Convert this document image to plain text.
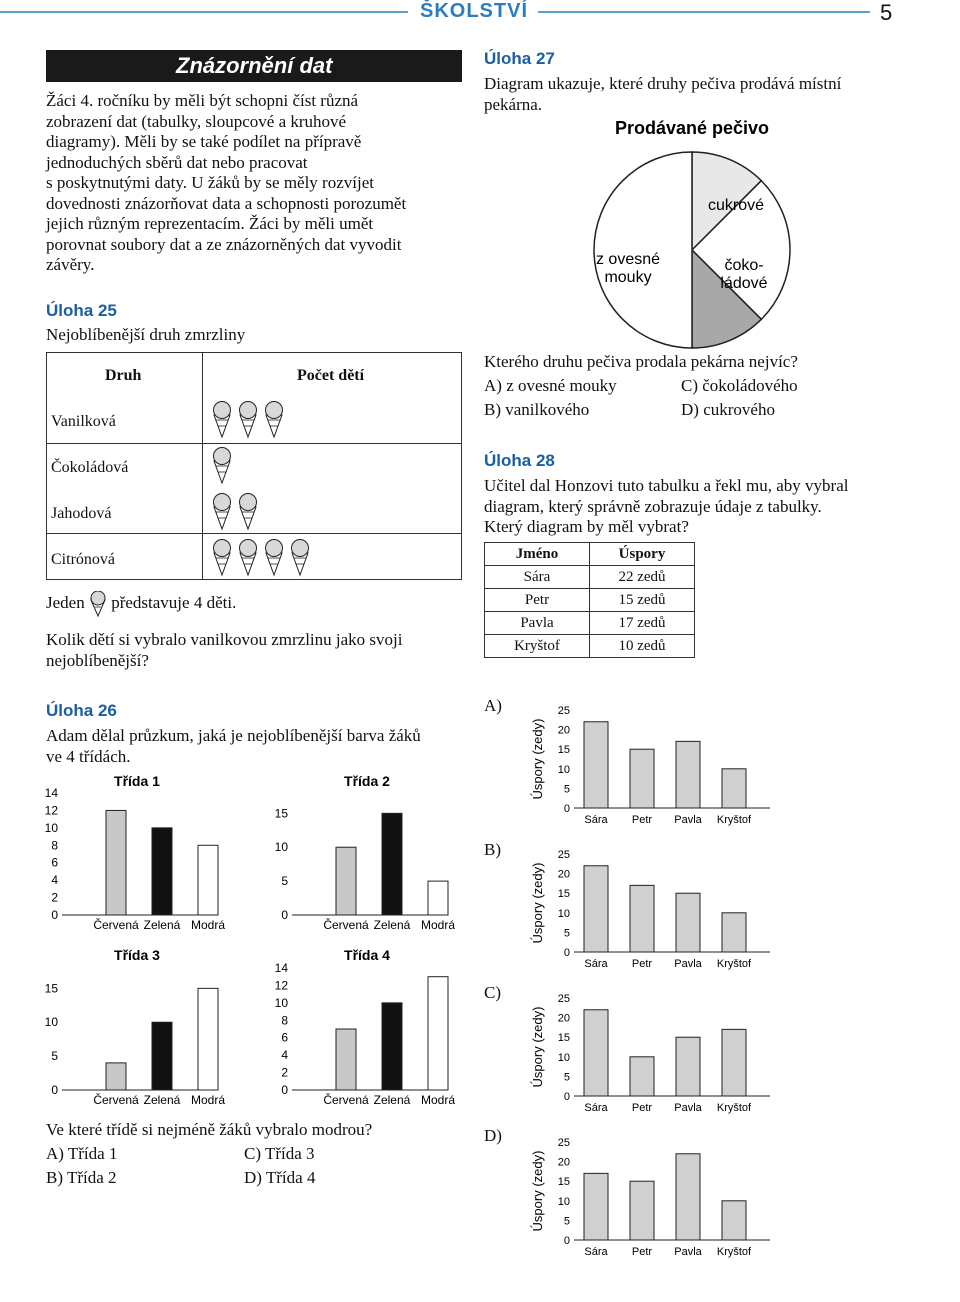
ŠKOLSTVÍ	5
Znázornění dat
Žáci 4. ročníku by měli být schopni číst různá
zobrazení dat (tabulky, sloupcové a kruhové
diagramy). Měli by se také podílet na přípravě
jednoduchých sběrů dat nebo pracovat
s poskytnutými daty. U žáků by se měly rozvíjet
dovednosti znázorňovat data a schopnosti porozumět
jejich různým reprezentacím. Žáci by měli umět
porovnat soubory dat a ze znázorněných dat vyvodit
závěry.
Úloha 25
Nejoblíbenější druh zmrzliny
Druh	Počet dětí
Vanilková
Čokoládová
Jahodová
Citrónová
Jeden představuje 4 děti.
Kolik dětí si vybralo vanilkovou zmrzlinu jako svoji
nejoblíbenější?
Úloha 26
Adam dělal průzkum, jaká je nejoblíbenější barva žáků
ve 4 třídách.
Třída 1
0
2
4
6
8
10
12
14
Červená Zelená Modrá
Třída 2
0
5
10
15
Červená Zelená Modrá
Třída 3
0
5
10
15
Červená Zelená Modrá
Třída 4
0
2
4
6
8
10
12
14
Červená Zelená Modrá
Ve které třídě si nejméně žáků vybralo modrou?
A) Třída 1	C) Třída 3
B) Třída 2	D) Třída 4
Úloha 27
Diagram ukazuje, které druhy pečiva prodává místní
pekárna.
Prodávané pečivo
cukrové
čoko-ládové
z ovesné mouky
Kterého druhu pečiva prodala pekárna nejvíc?
A) z ovesné mouky	C) čokoládového
B) vanilkového	D) cukrového
Úloha 28
Učitel dal Honzovi tuto tabulku a řekl mu, aby vybral
diagram, který správně zobrazuje údaje z tabulky.
Který diagram by měl vybrat?
Jméno	Úspory
Sára	22 zedů
Petr	15 zedů
Pavla	17 zedů
Kryštof	10 zedů
A)
B)
C)
D)
0
5
10
15
20
25
Sára Petr Pavla Kryštof
Úspory (zedy)
0
5
10
15
20
25
Sára Petr Pavla Kryštof
Úspory (zedy)
0
5
10
15
20
25
Sára Petr Pavla Kryštof
Úspory (zedy)
0
5
10
15
20
25
Sára Petr Pavla Kryštof
Úspory (zedy)
